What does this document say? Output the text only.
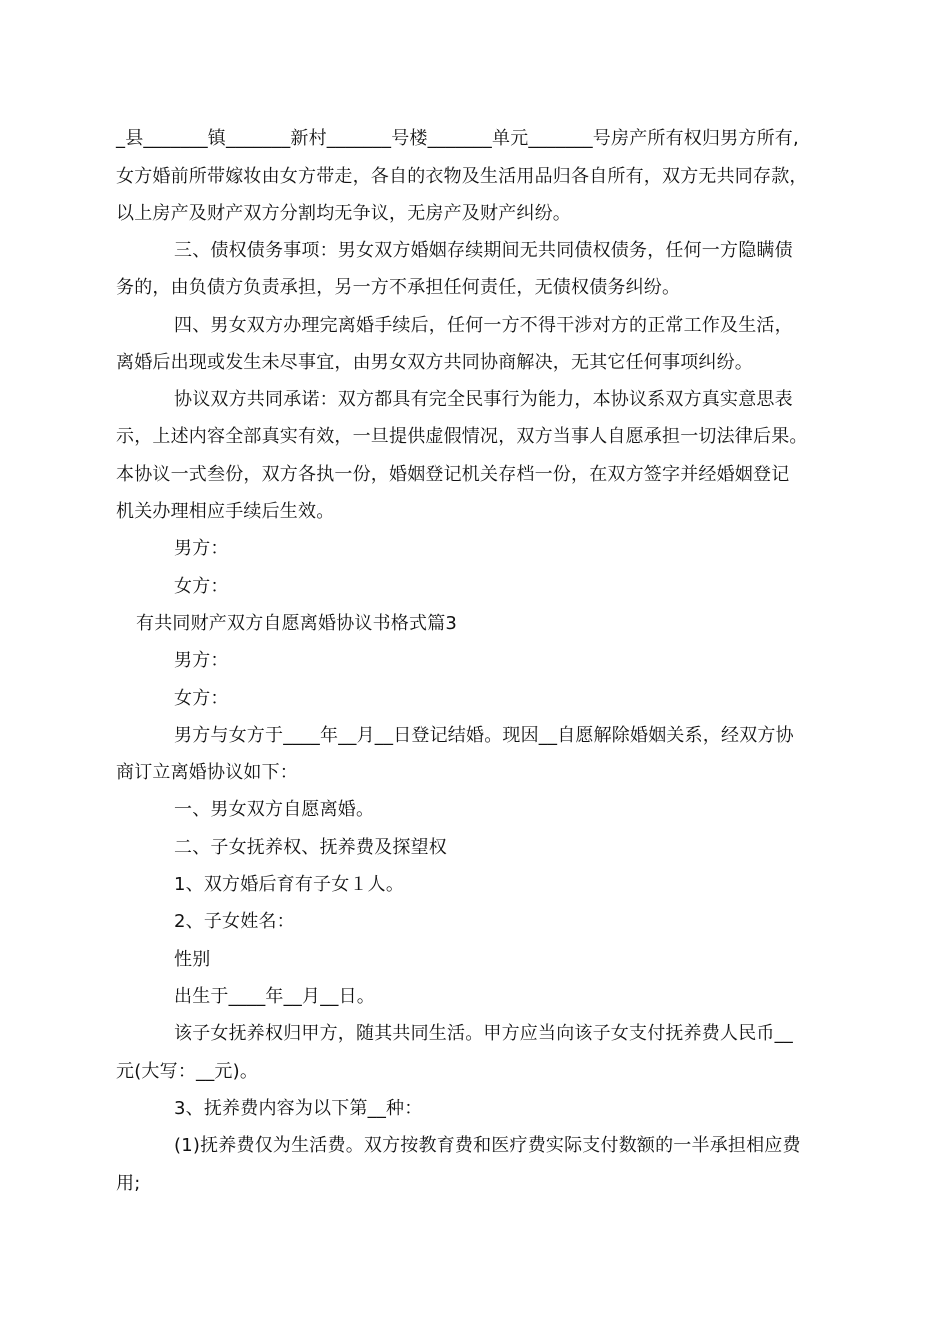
_县_______镇_______新村_______号楼_______单元_______号房产所有权归男方所有,
女方婚前所带嫁妆由女方带走，各自的衣物及生活用品归各自所有，双方无共同存款，
以上房产及财产双方分割均无争议，无房产及财产纠纷。
三、债权债务事项：男女双方婚姻存续期间无共同债权债务，任何一方隐瞒债
务的，由负债方负责承担，另一方不承担任何责任，无债权债务纠纷。
四、男女双方办理完离婚手续后，任何一方不得干涉对方的正常工作及生活，
离婚后出现或发生未尽事宜，由男女双方共同协商解决，无其它任何事项纠纷。
协议双方共同承诺：双方都具有完全民事行为能力，本协议系双方真实意思表
示，上述内容全部真实有效，一旦提供虚假情况，双方当事人自愿承担一切法律后果。
本协议一式叁份，双方各执一份，婚姻登记机关存档一份，在双方签字并经婚姻登记
机关办理相应手续后生效。
男方：
女方：
有共同财产双方自愿离婚协议书格式篇3
男方：
女方：
男方与女方于____年__月__日登记结婚。现因__自愿解除婚姻关系，经双方协
商订立离婚协议如下：
一、男女双方自愿离婚。
二、子女抚养权、抚养费及探望权
1、双方婚后育有子女１人。
2、子女姓名：
性别
出生于____年__月__日。
该子女抚养权归甲方，随其共同生活。甲方应当向该子女支付抚养费人民币__
元(大写：__元)。
3、抚养费内容为以下第__种：
(1)抚养费仅为生活费。双方按教育费和医疗费实际支付数额的一半承担相应费
用;
